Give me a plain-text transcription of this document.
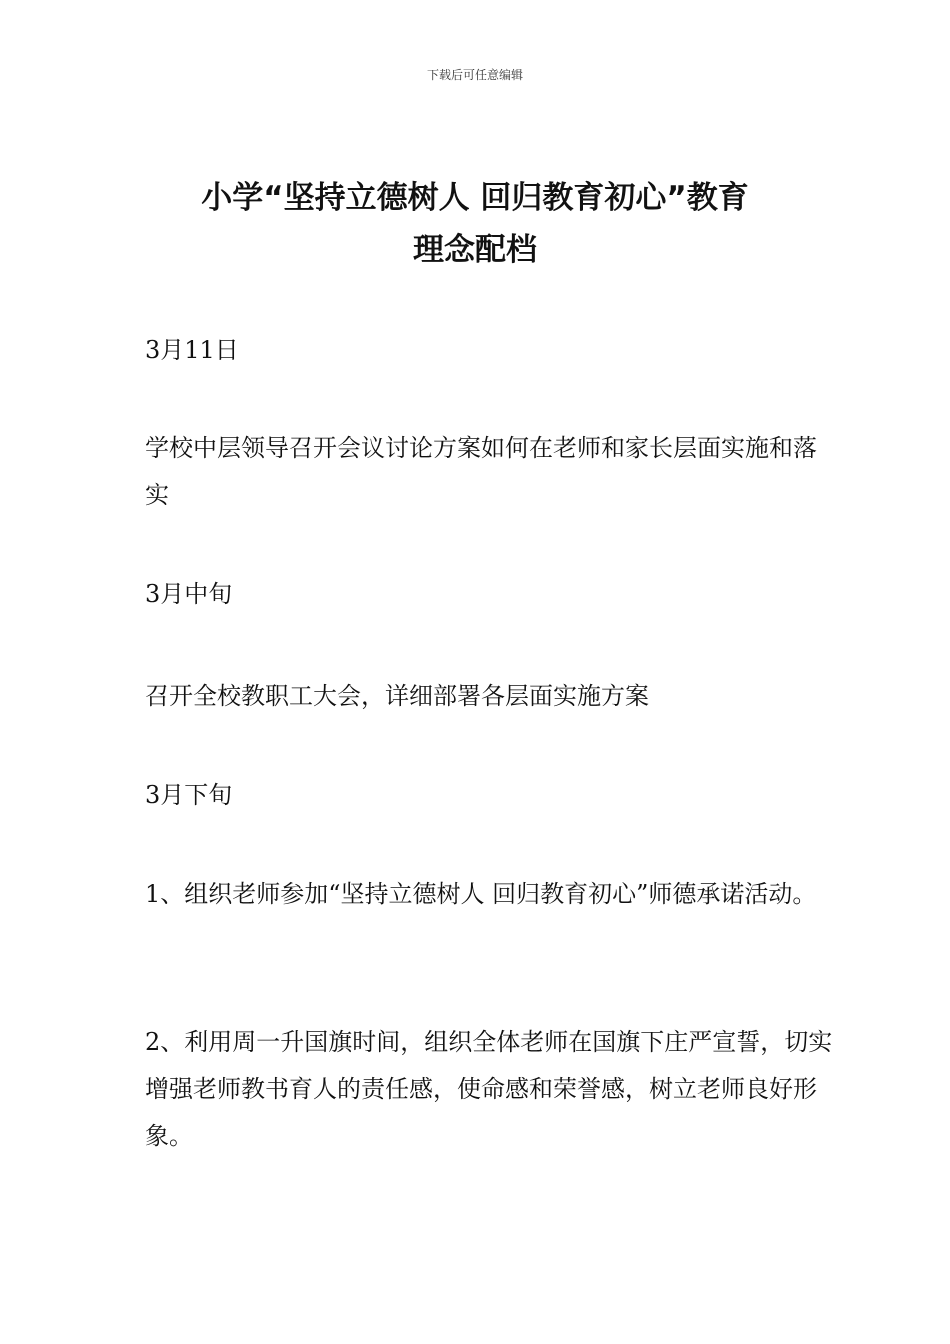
下载后可任意编辑
小学“坚持立德树人 回归教育初心”教育
理念配档

3月11日

学校中层领导召开会议讨论方案如何在老师和家长层面实施和落实

3月中旬

召开全校教职工大会，详细部署各层面实施方案

3月下旬

1、组织老师参加“坚持立德树人 回归教育初心”师德承诺活动。

2、利用周一升国旗时间，组织全体老师在国旗下庄严宣誓，切实增强老师教书育人的责任感，使命感和荣誉感，树立老师良好形象。
